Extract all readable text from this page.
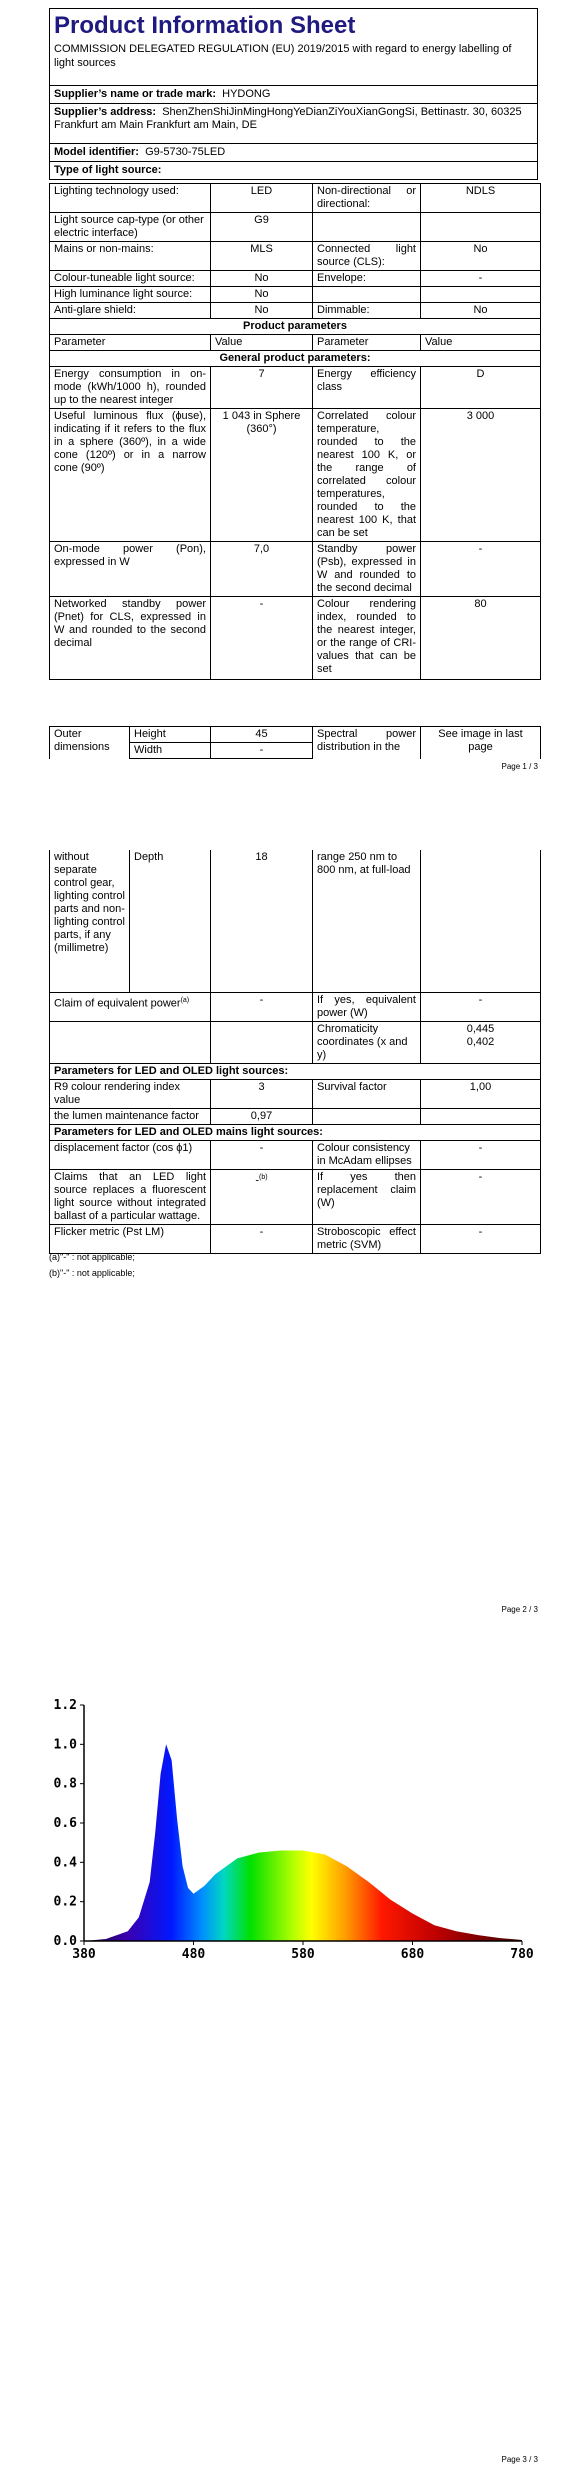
Product Information Sheet
COMMISSION DELEGATED REGULATION (EU) 2019/2015 with regard to energy labelling of light sources
Supplier’s name or trade mark: HYDONG
Supplier’s address: ShenZhenShiJinMingHongYeDianZiYouXianGongSi, Bettinastr. 30, 60325 Frankfurt am Main Frankfurt am Main, DE
Model identifier: G9-5730-75LED
Type of light source:
Lighting technology used:	LED	Non-directional or directional:	NDLS
Light source cap-type (or other electric interface)	G9		
Mains or non-mains:	MLS	Connected light source (CLS):	No
Colour-tuneable light source:	No	Envelope:	-
High luminance light source:	No		
Anti-glare shield:	No	Dimmable:	No
Product parameters			
Parameter	Value	Parameter	Value
General product parameters:			
Energy consumption in on-mode (kWh/1000 h), rounded up to the nearest integer	7	Energy efficiency class	D
Useful luminous flux (ɸuse), indicating if it refers to the flux in a sphere (360º), in a wide cone (120º) or in a narrow cone (90º)	1 043 in Sphere (360°)	Correlated colour temperature, rounded to the nearest 100 K, or the range of correlated colour temperatures, rounded to the nearest 100 K, that can be set	3 000
On-mode power (Pon), expressed in W	7,0	Standby power (Psb), expressed in W and rounded to the second decimal	-
Networked standby power (Pnet) for CLS, expressed in W and rounded to the second decimal	-	Colour rendering index, rounded to the nearest integer, or the range of CRI-values that can be set	80
Outer dimensions	Height	45	Spectral power distribution in the	See image in last page
	Width	-		
Page 1 / 3
without separate control gear, lighting control parts and non-lighting control parts, if any (millimetre)	Depth	18	range 250 nm to 800 nm, at full-load	
Claim of equivalent power$^{(a)}$		-	If yes, equivalent power (W)	-
			Chromaticity coordinates (x and y)	0,445
0,402
Parameters for LED and OLED light sources:				
R9 colour rendering index value		3	Survival factor	1,00
the lumen maintenance factor		0,97		
Parameters for LED and OLED mains light sources:				
displacement factor (cos ϕ1)		-	Colour consistency in McAdam ellipses	-
Claims that an LED light source replaces a fluorescent light source without integrated ballast of a particular wattage.		-$^{(b)}$	If yes then replacement claim (W)	-
Flicker metric (Pst LM)		-	Stroboscopic effect metric (SVM)	-
(a)"-" : not applicable;
(b)"-" : not applicable;
Page 2 / 3
0.0
0.2
0.4
0.6
0.8
1.0
1.2
380	480	580	680	780
Page 3 / 3
